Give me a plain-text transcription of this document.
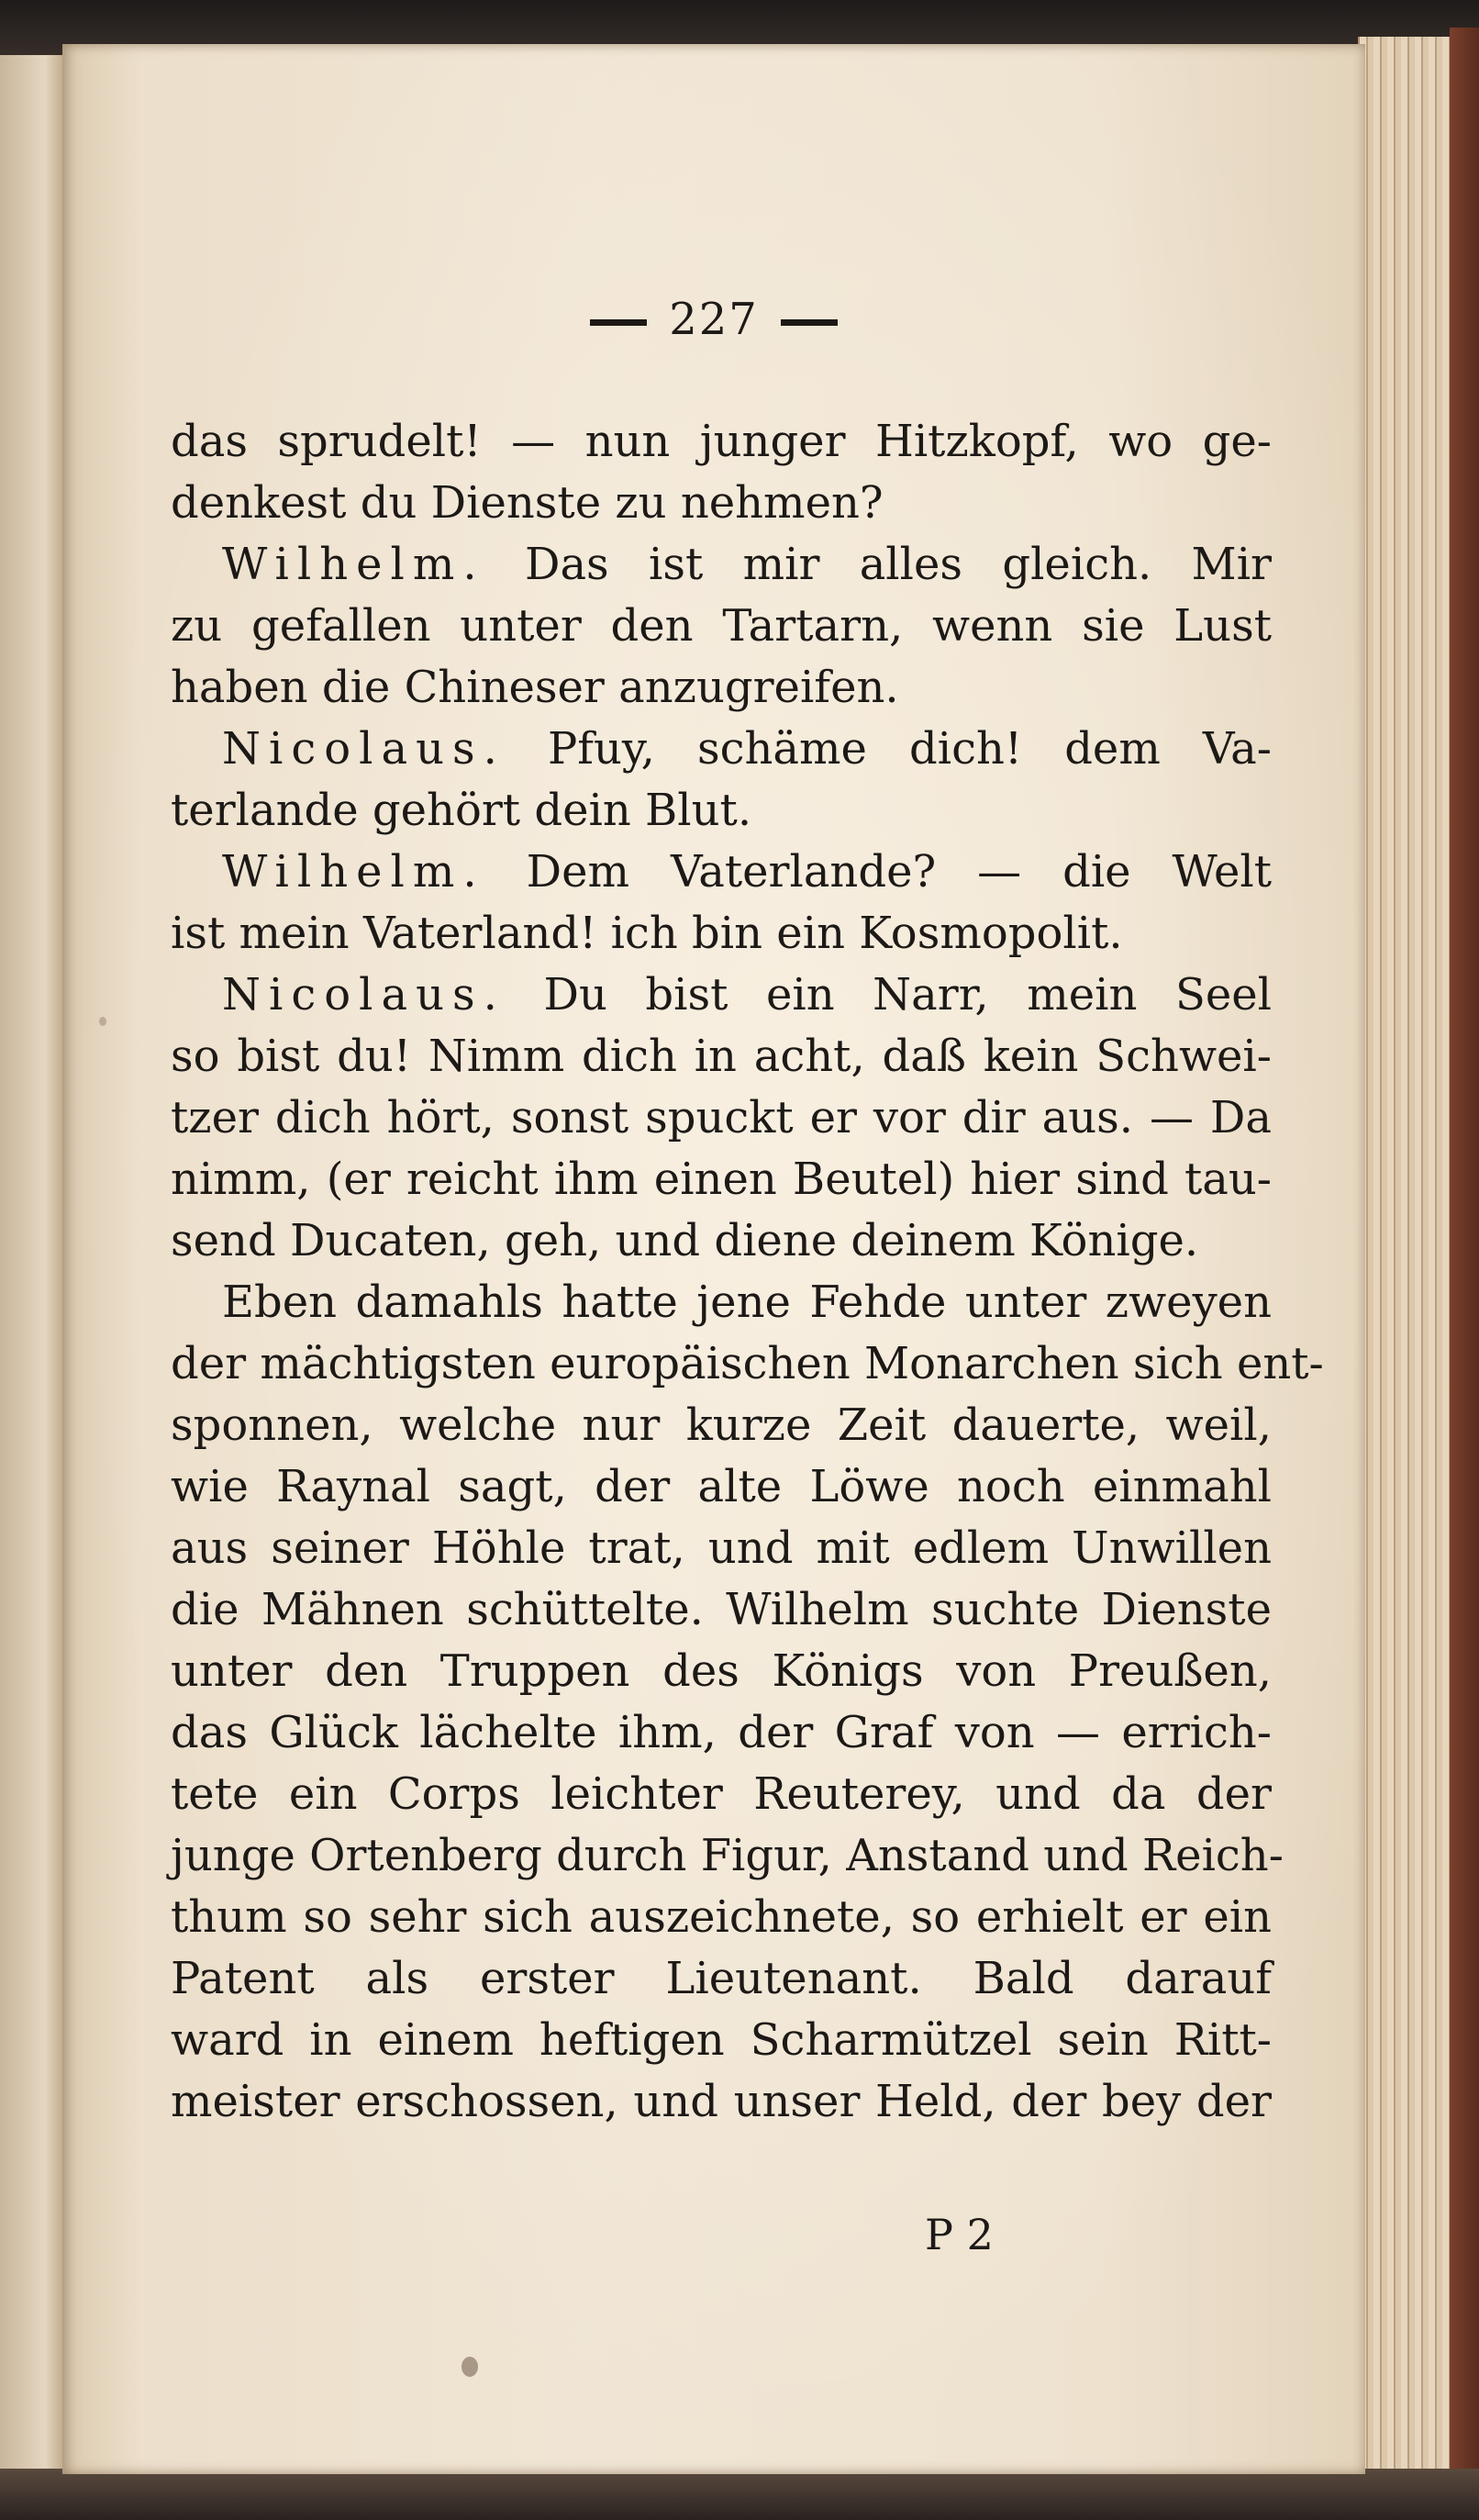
227
das sprudelt! — nun junger Hitzkopf, wo ge-
denkest du Dienste zu nehmen?
Wilhelm. Das ist mir alles gleich. Mir
zu gefallen unter den Tartarn, wenn sie Lust
haben die Chineser anzugreifen.
Nicolaus. Pfuy, schäme dich! dem Va-
terlande gehört dein Blut.
Wilhelm. Dem Vaterlande? — die Welt
ist mein Vaterland! ich bin ein Kosmopolit.
Nicolaus. Du bist ein Narr, mein Seel
so bist du! Nimm dich in acht, daß kein Schwei-
tzer dich hört, sonst spuckt er vor dir aus. — Da
nimm, (er reicht ihm einen Beutel) hier sind tau-
send Ducaten, geh, und diene deinem Könige.
Eben damahls hatte jene Fehde unter zweyen
der mächtigsten europäischen Monarchen sich ent-
sponnen, welche nur kurze Zeit dauerte, weil,
wie Raynal sagt, der alte Löwe noch einmahl
aus seiner Höhle trat, und mit edlem Unwillen
die Mähnen schüttelte. Wilhelm suchte Dienste
unter den Truppen des Königs von Preußen,
das Glück lächelte ihm, der Graf von — errich-
tete ein Corps leichter Reuterey, und da der
junge Ortenberg durch Figur, Anstand und Reich-
thum so sehr sich auszeichnete, so erhielt er ein
Patent als erster Lieutenant. Bald darauf
ward in einem heftigen Scharmützel sein Ritt-
meister erschossen, und unser Held, der bey der
P 2
